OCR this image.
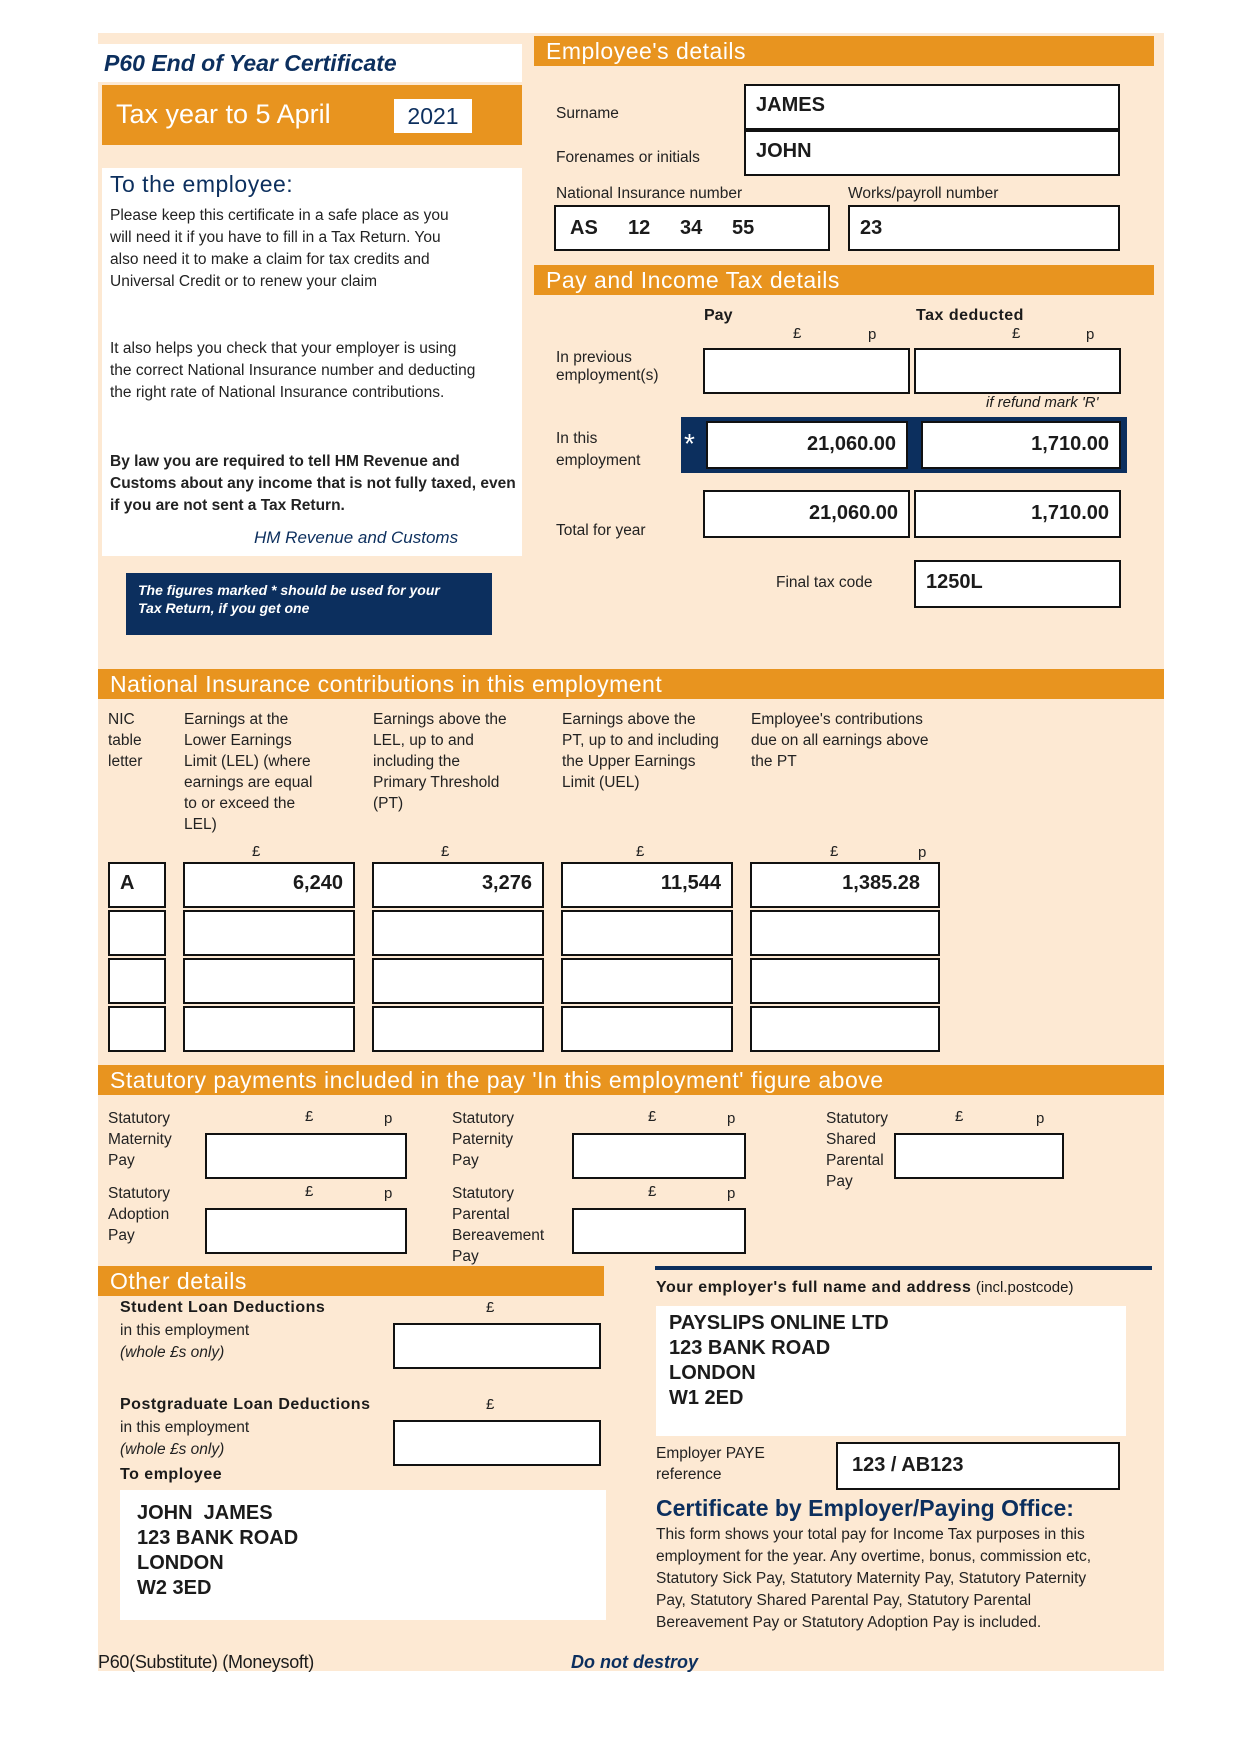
P60 End of Year Certificate
Tax year to 5 April	2021
To the employee:
Please keep this certificate in a safe place as you will need it if you have to fill in a Tax Return. You also need it to make a claim for tax credits and Universal Credit or to renew your claim
It also helps you check that your employer is using the correct National Insurance number and deducting the right rate of National Insurance contributions.
By law you are required to tell HM Revenue and Customs about any income that is not fully taxed, even if you are not sent a Tax Return.
HM Revenue and Customs
The figures marked * should be used for your Tax Return, if you get one
Employee's details
Surname	JAMES
Forenames or initials	JOHN
National Insurance number
AS 12 34 55
Works/payroll number
23
Pay and Income Tax details
Pay	Tax deducted
£	p	£	p
In previous employment(s)
if refund mark 'R'
In this employment
*	21,060.00	1,710.00
Total for year
21,060.00	1,710.00
Final tax code	1250L
National Insurance contributions in this employment
NIC table letter
Earnings at the Lower Earnings Limit (LEL) (where earnings are equal to or exceed the LEL)
Earnings above the LEL, up to and including the Primary Threshold (PT)
Earnings above the PT, up to and including the Upper Earnings Limit (UEL)
Employee's contributions due on all earnings above the PT
£	£	£	£	p
A	6,240	3,276	11,544	1,385.28
Statutory payments included in the pay 'In this employment' figure above
Statutory Maternity Pay
£	p	Statutory Paternity Pay
£	p	Statutory Shared Parental Pay
£	p
Statutory Adoption Pay
£	p	Statutory Parental Bereavement Pay
£	p
Other details
Student Loan Deductions
in this employment
(whole £s only)
£
Postgraduate Loan Deductions
in this employment
(whole £s only)
£
To employee
JOHN  JAMES
123 BANK ROAD
LONDON
W2 3ED
Your employer's full name and address (incl.postcode)
PAYSLIPS ONLINE LTD
123 BANK ROAD
LONDON
W1 2ED
Employer PAYE reference	123 / AB123
Certificate by Employer/Paying Office:
This form shows your total pay for Income Tax purposes in this employment for the year. Any overtime, bonus, commission etc, Statutory Sick Pay, Statutory Maternity Pay, Statutory Paternity Pay, Statutory Shared Parental Pay, Statutory Parental Bereavement Pay or Statutory Adoption Pay is included.
P60(Substitute) (Moneysoft)	Do not destroy
